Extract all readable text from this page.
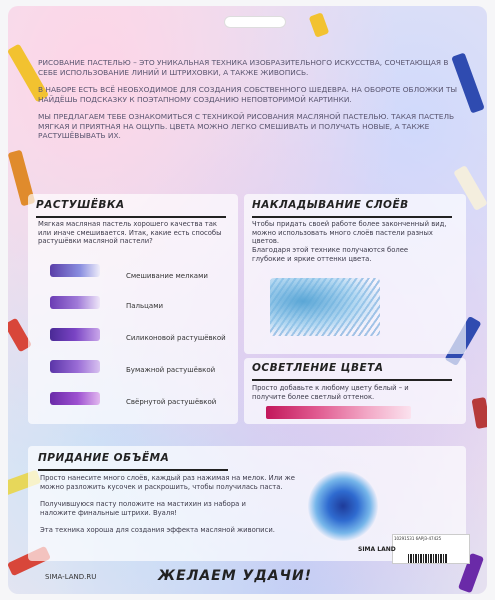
РИСОВАНИЕ ПАСТЕЛЬЮ – ЭТО УНИКАЛЬНАЯ ТЕХНИКА ИЗОБРАЗИТЕЛЬНОГО ИСКУССТВА, СОЧЕТАЮЩАЯ В СЕБЕ ИСПОЛЬЗОВАНИЕ ЛИНИЙ И ШТРИХОВКИ, А ТАКЖЕ ЖИВОПИСЬ.

В НАБОРЕ ЕСТЬ ВСЁ НЕОБХОДИМОЕ ДЛЯ СОЗДАНИЯ СОБСТВЕННОГО ШЕДЕВРА. НА ОБОРОТЕ ОБЛОЖКИ ТЫ НАЙДЁШЬ ПОДСКАЗКУ К ПОЭТАПНОМУ СОЗДАНИЮ НЕПОВТОРИМОЙ КАРТИНКИ.

МЫ ПРЕДЛАГАЕМ ТЕБЕ ОЗНАКОМИТЬСЯ С ТЕХНИКОЙ РИСОВАНИЯ МАСЛЯНОЙ ПАСТЕЛЬЮ. ТАКАЯ ПАСТЕЛЬ МЯГКАЯ И ПРИЯТНАЯ НА ОЩУПЬ. ЦВЕТА МОЖНО ЛЕГКО СМЕШИВАТЬ И ПОЛУЧАТЬ НОВЫЕ, А ТАКЖЕ РАСТУШЁВЫВАТЬ ИХ.

РАСТУШЁВКА
Мягкая масляная пастель хорошего качества так или иначе смешивается. Итак, какие есть способы растушёвки масляной пастели?
Смешивание мелками
Пальцами
Силиконовой растушёвкой
Бумажной растушёвкой
Свёрнутой растушёвкой
НАКЛАДЫВАНИЕ СЛОЁВ
Чтобы придать своей работе более законченный вид, можно использовать много слоёв пастели разных цветов.
Благодаря этой технике получаются более глубокие и яркие оттенки цвета.
ОСВЕТЛЕНИЕ ЦВЕТА
Просто добавьте к любому цвету белый – и получите более светлый оттенок.
ПРИДАНИЕ ОБЪЁМА
Просто нанесите много слоёв, каждый раз нажимая на мелок. Или же можно разложить кусочек и раскрошить, чтобы получилась паста.
Получившуюся пасту положите на мастихин из набора и наложите финальные штрихи. Вуаля!
Эта техника хороша для создания эффекта масляной живописи.
10291531 6APJ3-47425
SIMA LAND
SIMA-LAND.RU	ЖЕЛАЕМ УДАЧИ!
